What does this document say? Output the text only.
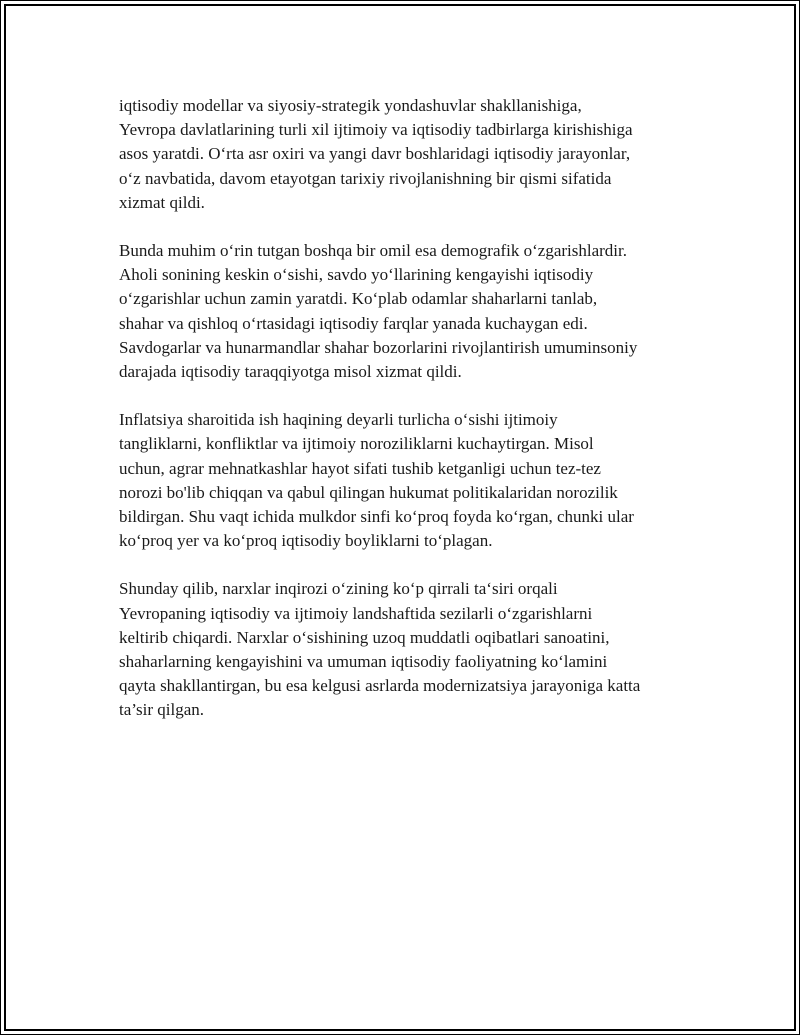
iqtisodiy modellar va siyosiy-strategik yondashuvlar shakllanishiga,
Yevropa davlatlarining turli xil ijtimoiy va iqtisodiy tadbirlarga kirishishiga
asos yaratdi. O‘rta asr oxiri va yangi davr boshlaridagi iqtisodiy jarayonlar,
o‘z navbatida, davom etayotgan tarixiy rivojlanishning bir qismi sifatida
xizmat qildi.

Bunda muhim o‘rin tutgan boshqa bir omil esa demografik o‘zgarishlardir.
Aholi sonining keskin o‘sishi, savdo yo‘llarining kengayishi iqtisodiy
o‘zgarishlar uchun zamin yaratdi. Ko‘plab odamlar shaharlarni tanlab,
shahar va qishloq o‘rtasidagi iqtisodiy farqlar yanada kuchaygan edi.
Savdogarlar va hunarmandlar shahar bozorlarini rivojlantirish umuminsoniy
darajada iqtisodiy taraqqiyotga misol xizmat qildi.

Inflatsiya sharoitida ish haqining deyarli turlicha o‘sishi ijtimoiy
tangliklarni, konfliktlar va ijtimoiy noroziliklarni kuchaytirgan. Misol
uchun, agrar mehnatkashlar hayot sifati tushib ketganligi uchun tez-tez
norozi bo'lib chiqqan va qabul qilingan hukumat politikalaridan norozilik
bildirgan. Shu vaqt ichida mulkdor sinfi ko‘proq foyda ko‘rgan, chunki ular
ko‘proq yer va ko‘proq iqtisodiy boyliklarni to‘plagan.

Shunday qilib, narxlar inqirozi o‘zining ko‘p qirrali ta‘siri orqali
Yevropaning iqtisodiy va ijtimoiy landshaftida sezilarli o‘zgarishlarni
keltirib chiqardi. Narxlar o‘sishining uzoq muddatli oqibatlari sanoatini,
shaharlarning kengayishini va umuman iqtisodiy faoliyatning ko‘lamini
qayta shakllantirgan, bu esa kelgusi asrlarda modernizatsiya jarayoniga katta
ta’sir qilgan.
